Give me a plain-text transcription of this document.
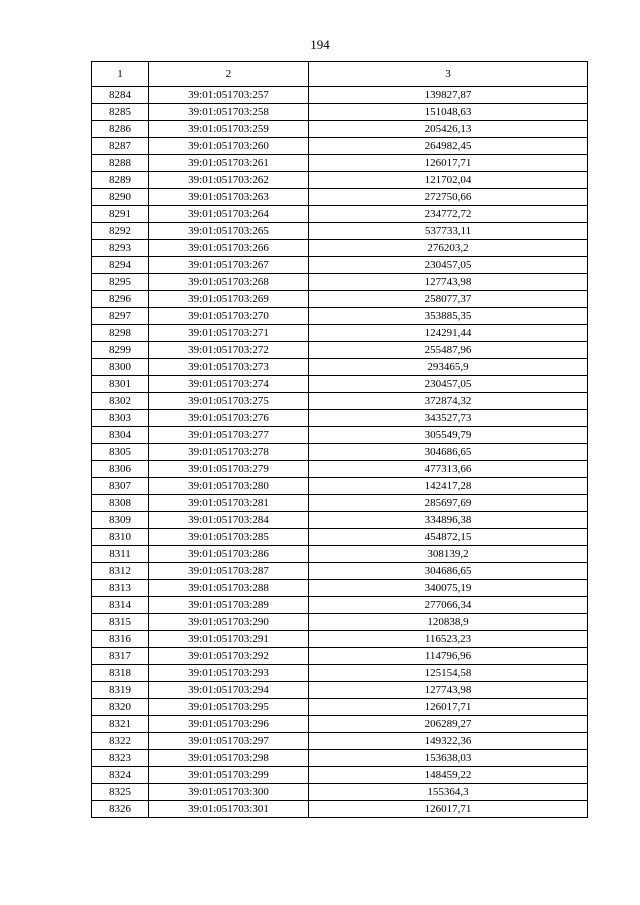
194
1	2	3
8284	39:01:051703:257	139827,87
8285	39:01:051703:258	151048,63
8286	39:01:051703:259	205426,13
8287	39:01:051703:260	264982,45
8288	39:01:051703:261	126017,71
8289	39:01:051703:262	121702,04
8290	39:01:051703:263	272750,66
8291	39:01:051703:264	234772,72
8292	39:01:051703:265	537733,11
8293	39:01:051703:266	276203,2
8294	39:01:051703:267	230457,05
8295	39:01:051703:268	127743,98
8296	39:01:051703:269	258077,37
8297	39:01:051703:270	353885,35
8298	39:01:051703:271	124291,44
8299	39:01:051703:272	255487,96
8300	39:01:051703:273	293465,9
8301	39:01:051703:274	230457,05
8302	39:01:051703:275	372874,32
8303	39:01:051703:276	343527,73
8304	39:01:051703:277	305549,79
8305	39:01:051703:278	304686,65
8306	39:01:051703:279	477313,66
8307	39:01:051703:280	142417,28
8308	39:01:051703:281	285697,69
8309	39:01:051703:284	334896,38
8310	39:01:051703:285	454872,15
8311	39:01:051703:286	308139,2
8312	39:01:051703:287	304686,65
8313	39:01:051703:288	340075,19
8314	39:01:051703:289	277066,34
8315	39:01:051703:290	120838,9
8316	39:01:051703:291	116523,23
8317	39:01:051703:292	114796,96
8318	39:01:051703:293	125154,58
8319	39:01:051703:294	127743,98
8320	39:01:051703:295	126017,71
8321	39:01:051703:296	206289,27
8322	39:01:051703:297	149322,36
8323	39:01:051703:298	153638,03
8324	39:01:051703:299	148459,22
8325	39:01:051703:300	155364,3
8326	39:01:051703:301	126017,71
